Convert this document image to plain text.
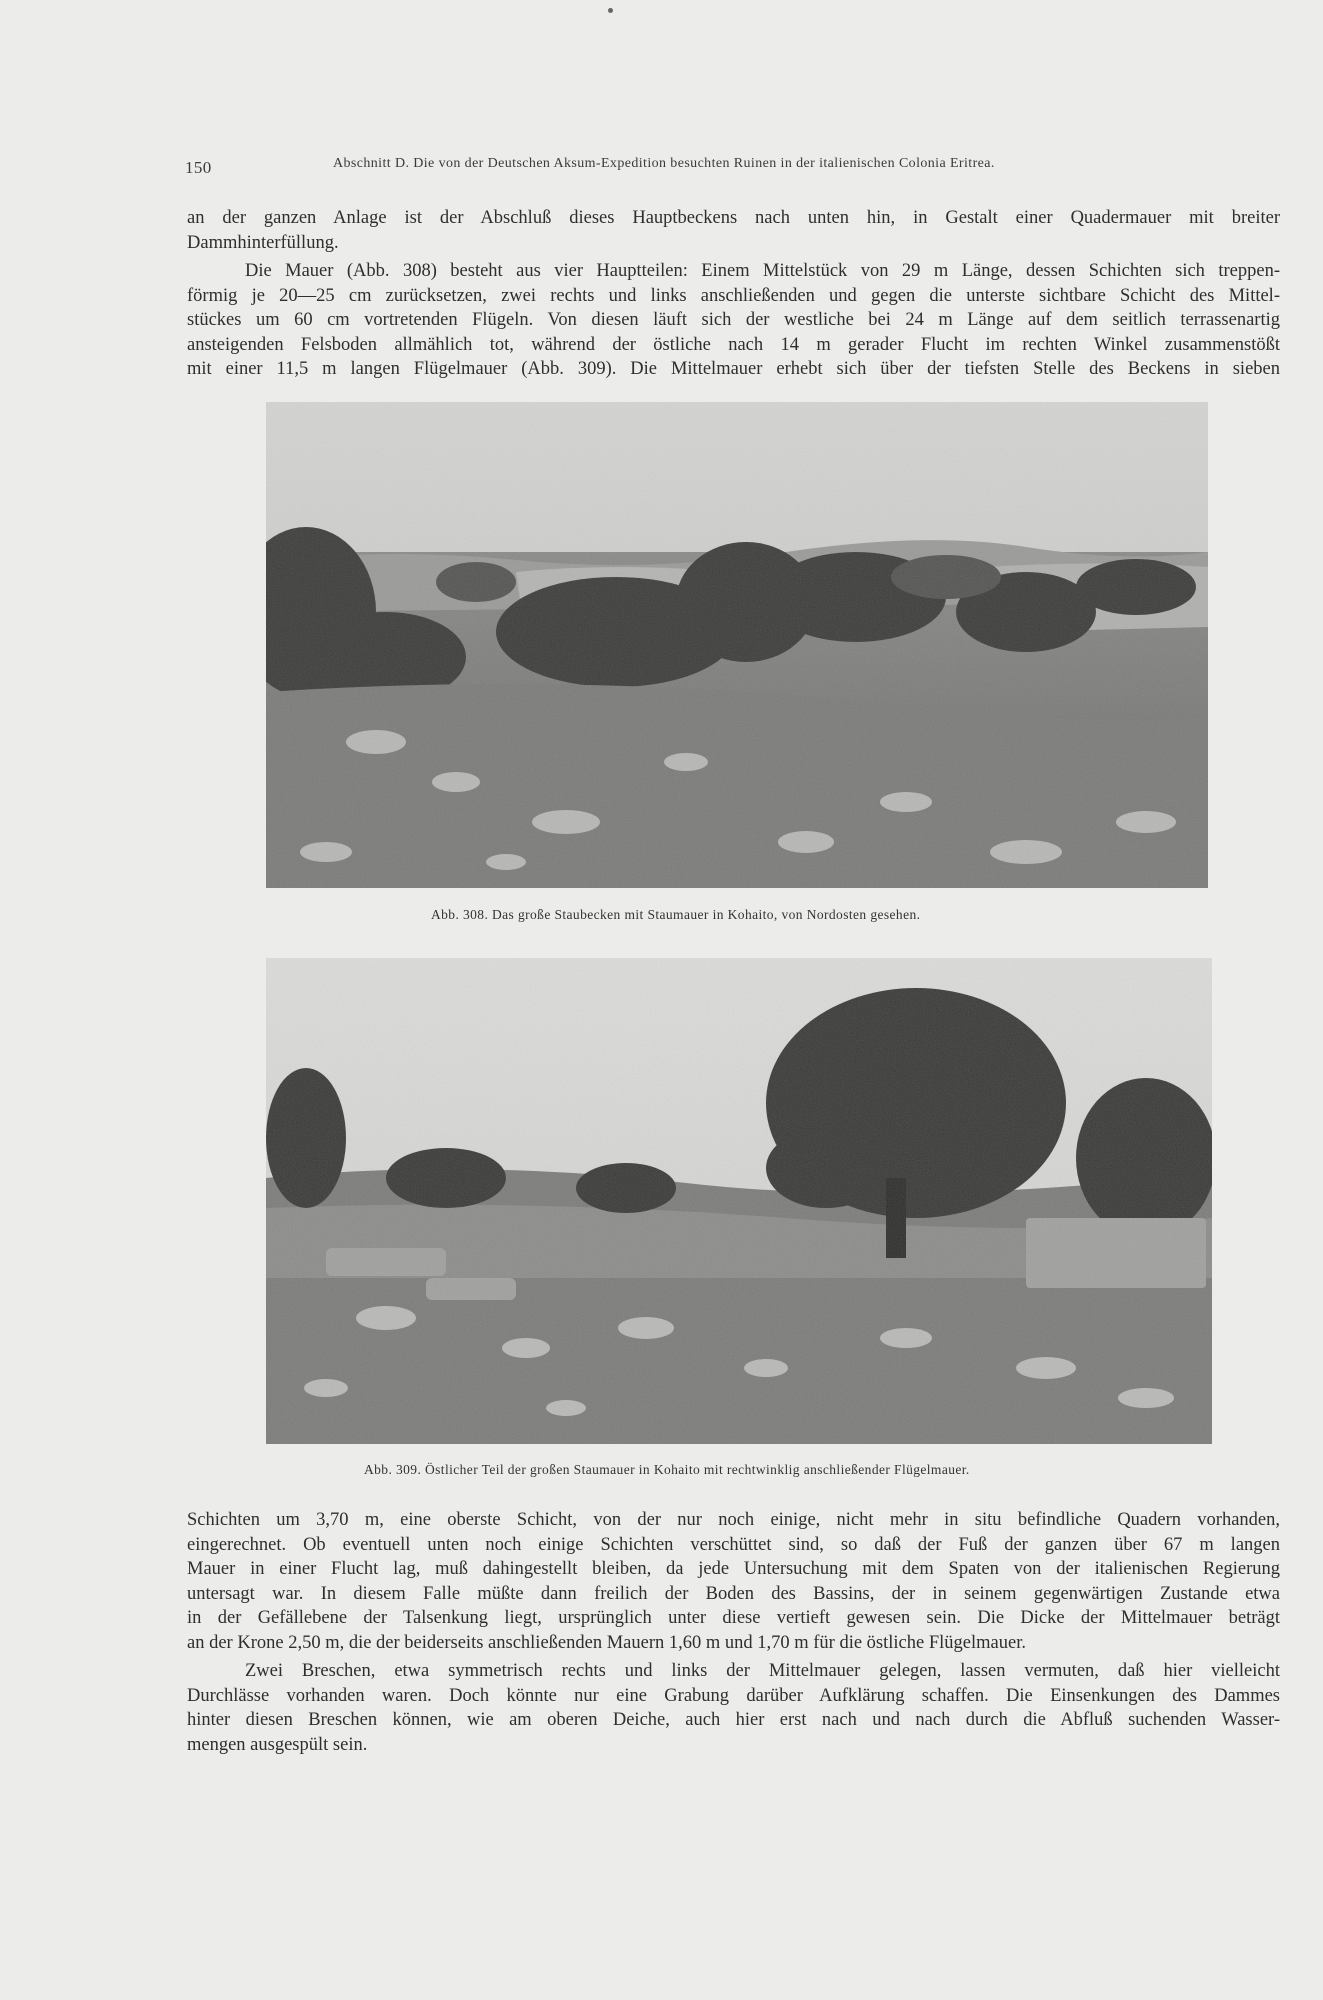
150	Abschnitt D. Die von der Deutschen Aksum-Expedition besuchten Ruinen in der italienischen Colonia Eritrea.

an der ganzen Anlage ist der Abschluß dieses Hauptbeckens nach unten hin, in Gestalt einer Quadermauer mit breiter
Dammhinterfüllung.

Die Mauer (Abb. 308) besteht aus vier Hauptteilen: Einem Mittelstück von 29 m Länge, dessen Schichten sich treppen-
förmig je 20—25 cm zurücksetzen, zwei rechts und links anschließenden und gegen die unterste sichtbare Schicht des Mittel-
stückes um 60 cm vortretenden Flügeln. Von diesen läuft sich der westliche bei 24 m Länge auf dem seitlich terrassenartig
ansteigenden Felsboden allmählich tot, während der östliche nach 14 m gerader Flucht im rechten Winkel zusammenstößt
mit einer 11,5 m langen Flügelmauer (Abb. 309). Die Mittelmauer erhebt sich über der tiefsten Stelle des Beckens in sieben

Abb. 308. Das große Staubecken mit Staumauer in Kohaito, von Nordosten gesehen.
Abb. 309. Östlicher Teil der großen Staumauer in Kohaito mit rechtwinklig anschließender Flügelmauer.

Schichten um 3,70 m, eine oberste Schicht, von der nur noch einige, nicht mehr in situ befindliche Quadern vorhanden,
eingerechnet. Ob eventuell unten noch einige Schichten verschüttet sind, so daß der Fuß der ganzen über 67 m langen
Mauer in einer Flucht lag, muß dahingestellt bleiben, da jede Untersuchung mit dem Spaten von der italienischen Regierung
untersagt war. In diesem Falle müßte dann freilich der Boden des Bassins, der in seinem gegenwärtigen Zustande etwa
in der Gefällebene der Talsenkung liegt, ursprünglich unter diese vertieft gewesen sein. Die Dicke der Mittelmauer beträgt
an der Krone 2,50 m, die der beiderseits anschließenden Mauern 1,60 m und 1,70 m für die östliche Flügelmauer.

Zwei Breschen, etwa symmetrisch rechts und links der Mittelmauer gelegen, lassen vermuten, daß hier vielleicht
Durchlässe vorhanden waren. Doch könnte nur eine Grabung darüber Aufklärung schaffen. Die Einsenkungen des Dammes
hinter diesen Breschen können, wie am oberen Deiche, auch hier erst nach und nach durch die Abfluß suchenden Wasser-
mengen ausgespült sein.
